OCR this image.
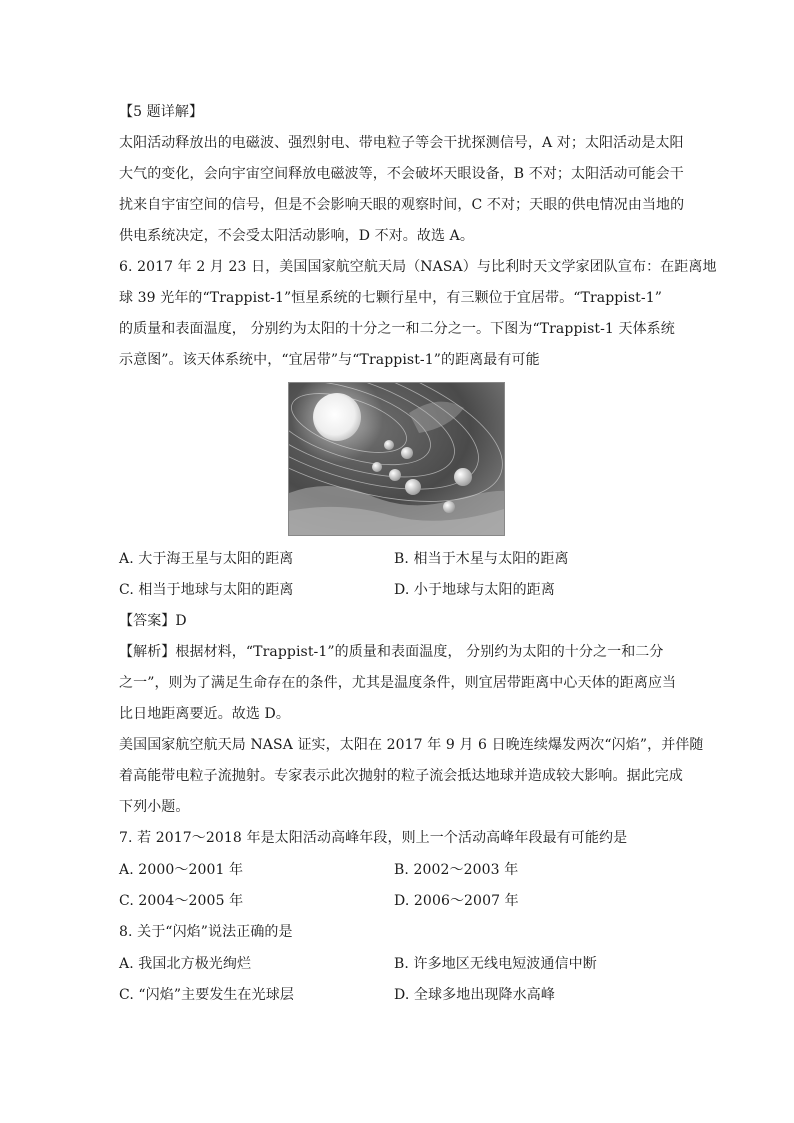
【5 题详解】
太阳活动释放出的电磁波、强烈射电、带电粒子等会干扰探测信号，A 对；太阳活动是太阳
大气的变化，会向宇宙空间释放电磁波等，不会破坏天眼设备，B 不对；太阳活动可能会干
扰来自宇宙空间的信号，但是不会影响天眼的观察时间，C 不对；天眼的供电情况由当地的
供电系统决定，不会受太阳活动影响，D 不对。故选 A。
6. 2017 年 2 月 23 日，美国国家航空航天局（NASA）与比利时天文学家团队宣布：在距离地
球 39 光年的“Trappist-1”恒星系统的七颗行星中，有三颗位于宜居带。“Trappist-1”
的质量和表面温度， 分别约为太阳的十分之一和二分之一。下图为“Trappist-1 天体系统
示意图”。该天体系统中，“宜居带”与“Trappist-1”的距离最有可能
A. 大于海王星与太阳的距离	B. 相当于木星与太阳的距离
C. 相当于地球与太阳的距离	D. 小于地球与太阳的距离
【答案】D
【解析】根据材料，“Trappist-1”的质量和表面温度， 分别约为太阳的十分之一和二分
之一”，则为了满足生命存在的条件，尤其是温度条件，则宜居带距离中心天体的距离应当
比日地距离要近。故选 D。
美国国家航空航天局 NASA 证实，太阳在 2017 年 9 月 6 日晚连续爆发两次“闪焰”，并伴随
着高能带电粒子流抛射。专家表示此次抛射的粒子流会抵达地球并造成较大影响。据此完成
下列小题。
7. 若 2017～2018 年是太阳活动高峰年段，则上一个活动高峰年段最有可能约是
A. 2000～2001 年	B. 2002～2003 年
C. 2004～2005 年	D. 2006～2007 年
8. 关于“闪焰”说法正确的是
A. 我国北方极光绚烂	B. 许多地区无线电短波通信中断
C. “闪焰”主要发生在光球层	D. 全球多地出现降水高峰
